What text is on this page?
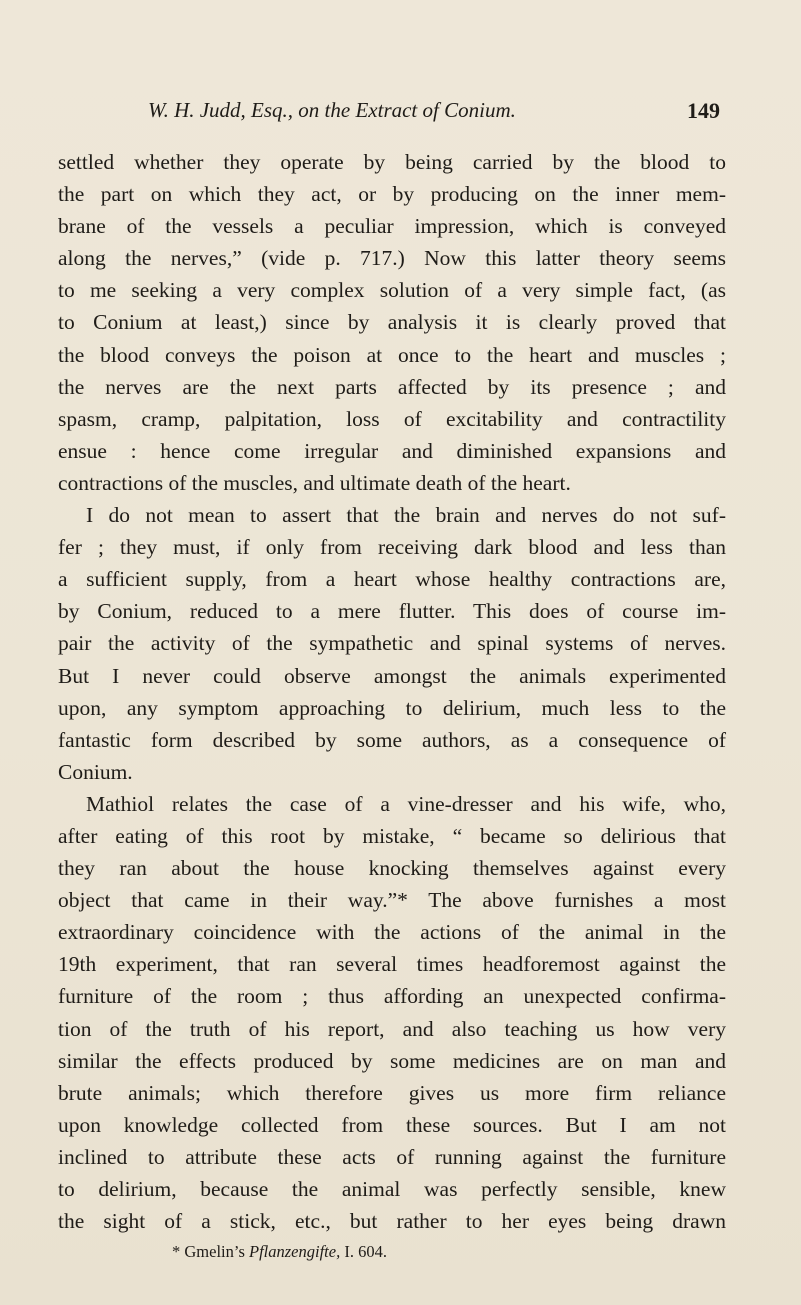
W. H. Judd, Esq., on the Extract of Conium.	149
settled whether they operate by being carried by the blood to
the part on which they act, or by producing on the inner mem-
brane of the vessels a peculiar impression, which is conveyed
along the nerves,” (vide p. 717.) Now this latter theory seems
to me seeking a very complex solution of a very simple fact, (as
to Conium at least,) since by analysis it is clearly proved that
the blood conveys the poison at once to the heart and muscles ;
the nerves are the next parts affected by its presence ; and
spasm, cramp, palpitation, loss of excitability and contractility
ensue : hence come irregular and diminished expansions and
contractions of the muscles, and ultimate death of the heart.
I do not mean to assert that the brain and nerves do not suf-
fer ; they must, if only from receiving dark blood and less than
a sufficient supply, from a heart whose healthy contractions are,
by Conium, reduced to a mere flutter. This does of course im-
pair the activity of the sympathetic and spinal systems of nerves.
But I never could observe amongst the animals experimented
upon, any symptom approaching to delirium, much less to the
fantastic form described by some authors, as a consequence of
Conium.
Mathiol relates the case of a vine-dresser and his wife, who,
after eating of this root by mistake, “ became so delirious that
they ran about the house knocking themselves against every
object that came in their way.”* The above furnishes a most
extraordinary coincidence with the actions of the animal in the
19th experiment, that ran several times headforemost against the
furniture of the room ; thus affording an unexpected confirma-
tion of the truth of his report, and also teaching us how very
similar the effects produced by some medicines are on man and
brute animals; which therefore gives us more firm reliance
upon knowledge collected from these sources. But I am not
inclined to attribute these acts of running against the furniture
to delirium, because the animal was perfectly sensible, knew
the sight of a stick, etc., but rather to her eyes being drawn
* Gmelin’s Pflanzengifte, I. 604.
